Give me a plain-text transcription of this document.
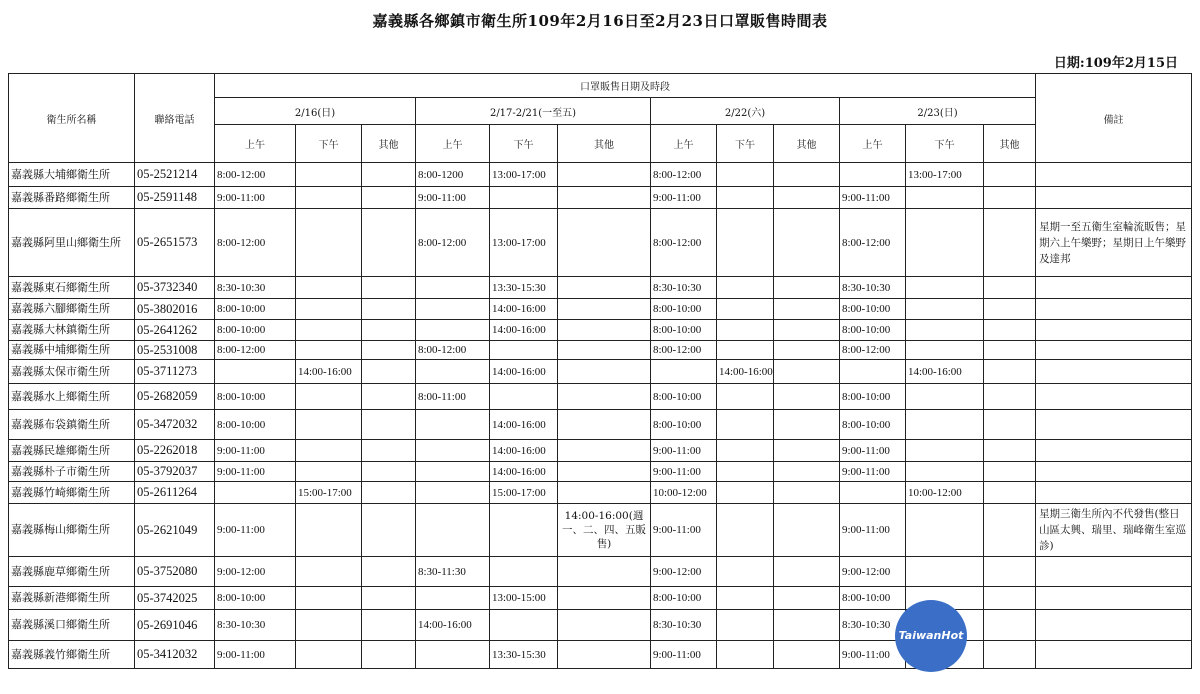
嘉義縣各鄉鎮市衛生所109年2月16日至2月23日口罩販售時間表
日期:109年2月15日
衛生所名稱	聯絡電話	口罩販售日期及時段												備註
		2/16(日)			2/17-2/21(一至五)			2/22(六)			2/23(日)			
		上午	下午	其他	上午	下午	其他	上午	下午	其他	上午	下午	其他	
嘉義縣大埔鄉衛生所	05-2521214	8:00-12:00			8:00-1200	13:00-17:00		8:00-12:00				13:00-17:00		
嘉義縣番路鄉衛生所	05-2591148	9:00-11:00			9:00-11:00			9:00-11:00			9:00-11:00			
嘉義縣阿里山鄉衛生所	05-2651573	8:00-12:00			8:00-12:00	13:00-17:00		8:00-12:00			8:00-12:00			星期一至五衛生室輪流販售；星期六上午樂野；星期日上午樂野及達邦
嘉義縣東石鄉衛生所	05-3732340	8:30-10:30				13:30-15:30		8:30-10:30			8:30-10:30			
嘉義縣六腳鄉衛生所	05-3802016	8:00-10:00				14:00-16:00		8:00-10:00			8:00-10:00			
嘉義縣大林鎮衛生所	05-2641262	8:00-10:00				14:00-16:00		8:00-10:00			8:00-10:00			
嘉義縣中埔鄉衛生所	05-2531008	8:00-12:00			8:00-12:00			8:00-12:00			8:00-12:00			
嘉義縣太保市衛生所	05-3711273		14:00-16:00			14:00-16:00			14:00-16:00			14:00-16:00		
嘉義縣水上鄉衛生所	05-2682059	8:00-10:00			8:00-11:00			8:00-10:00			8:00-10:00			
嘉義縣布袋鎮衛生所	05-3472032	8:00-10:00				14:00-16:00		8:00-10:00			8:00-10:00			
嘉義縣民雄鄉衛生所	05-2262018	9:00-11:00				14:00-16:00		9:00-11:00			9:00-11:00			
嘉義縣朴子市衛生所	05-3792037	9:00-11:00				14:00-16:00		9:00-11:00			9:00-11:00			
嘉義縣竹崎鄉衛生所	05-2611264		15:00-17:00			15:00-17:00		10:00-12:00				10:00-12:00		
嘉義縣梅山鄉衛生所	05-2621049	9:00-11:00					14:00-16:00(週一、二、四、五販售)	9:00-11:00			9:00-11:00			星期三衛生所內不代發售(整日山區太興、瑞里、瑞峰衛生室巡診)
嘉義縣鹿草鄉衛生所	05-3752080	9:00-12:00			8:30-11:30			9:00-12:00			9:00-12:00			
嘉義縣新港鄉衛生所	05-3742025	8:00-10:00				13:00-15:00		8:00-10:00			8:00-10:00			
嘉義縣溪口鄉衛生所	05-2691046	8:30-10:30			14:00-16:00			8:30-10:30			8:30-10:30			
嘉義縣義竹鄉衛生所	05-3412032	9:00-11:00				13:30-15:30		9:00-11:00			9:00-11:00			
TaiwanHot
